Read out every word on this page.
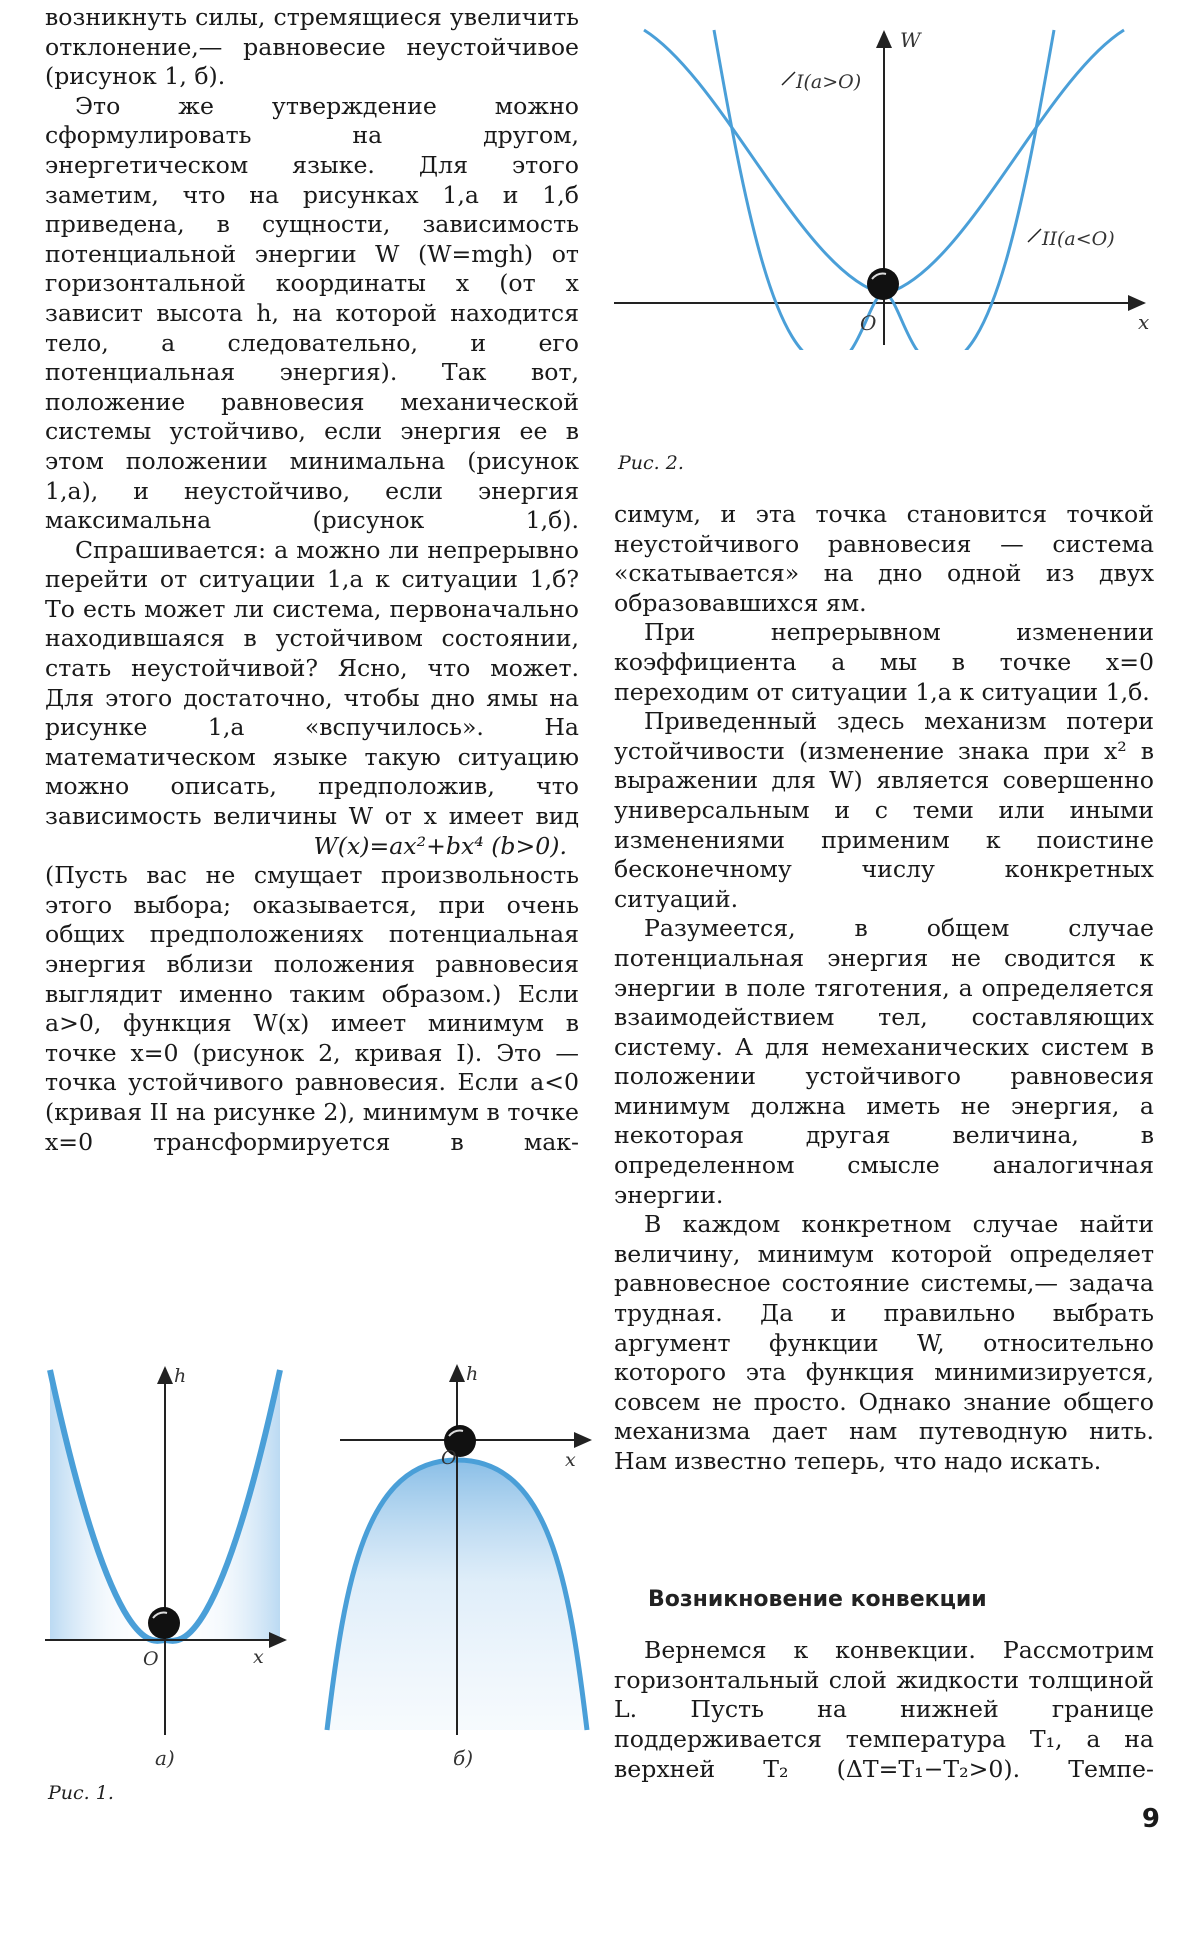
возникнуть силы, стремящиеся увеличить отклонение,— равновесие неустойчивое (рисунок 1, б).

Это же утверждение можно сформулировать на другом, энергетическом языке. Для этого заметим, что на рисунках 1,а и 1,б приведена, в сущности, зависимость потенциальной энергии W (W=mgh) от горизонтальной координаты x (от x зависит высота h, на которой находится тело, а следовательно, и его потенциальная энергия). Так вот, положение равновесия механической системы устойчиво, если энергия ее в этом положении минимальна (рисунок 1,а), и неустойчиво, если энергия максимальна (рисунок 1,б).

Спрашивается: а можно ли непрерывно перейти от ситуации 1,а к ситуации 1,б? То есть может ли система, первоначально находившаяся в устойчивом состоянии, стать неустойчивой? Ясно, что может. Для этого достаточно, чтобы дно ямы на рисунке 1,а «вспучилось». На математическом языке такую ситуацию можно описать, предположив, что зависимость величины W от x имеет вид

W(x)=ax²+bx⁴ (b>0).

(Пусть вас не смущает произвольность этого выбора; оказывается, при очень общих предположениях потенциальная энергия вблизи положения равновесия выглядит именно таким образом.) Если a>0, функция W(x) имеет минимум в точке x=0 (рисунок 2, кривая I). Это — точка устойчивого равновесия. Если a<0 (кривая II на рисунке 2), минимум в точке x=0 трансформируется в мак-

симум, и эта точка становится точкой неустойчивого равновесия — система «скатывается» на дно одной из двух образовавшихся ям.

При непрерывном изменении коэффициента a мы в точке x=0 переходим от ситуации 1,а к ситуации 1,б.

Приведенный здесь механизм потери устойчивости (изменение знака при x² в выражении для W) является совершенно универсальным и с теми или иными изменениями применим к поистине бесконечному числу конкретных ситуаций.

Разумеется, в общем случае потенциальная энергия не сводится к энергии в поле тяготения, а определяется взаимодействием тел, составляющих систему. А для немеханических систем в положении устойчивого равновесия минимум должна иметь не энергия, а некоторая другая величина, в определенном смысле аналогичная энергии.

В каждом конкретном случае найти величину, минимум которой определяет равновесное состояние системы,— задача трудная. Да и правильно выбрать аргумент функции W, относительно которого эта функция минимизируется, совсем не просто. Однако знание общего механизма дает нам путеводную нить. Нам известно теперь, что надо искать.

Возникновение конвекции

Вернемся к конвекции. Рассмотрим горизонтальный слой жидкости толщиной L. Пусть на нижней границе поддерживается температура T₁, а на верхней T₂ (ΔT=T₁−T₂>0). Темпе-

W
x
O
I(a>O)
II(a<O)
Рис. 2.
h
x
O
а)
h
x
O
б)
Рис. 1.
9
